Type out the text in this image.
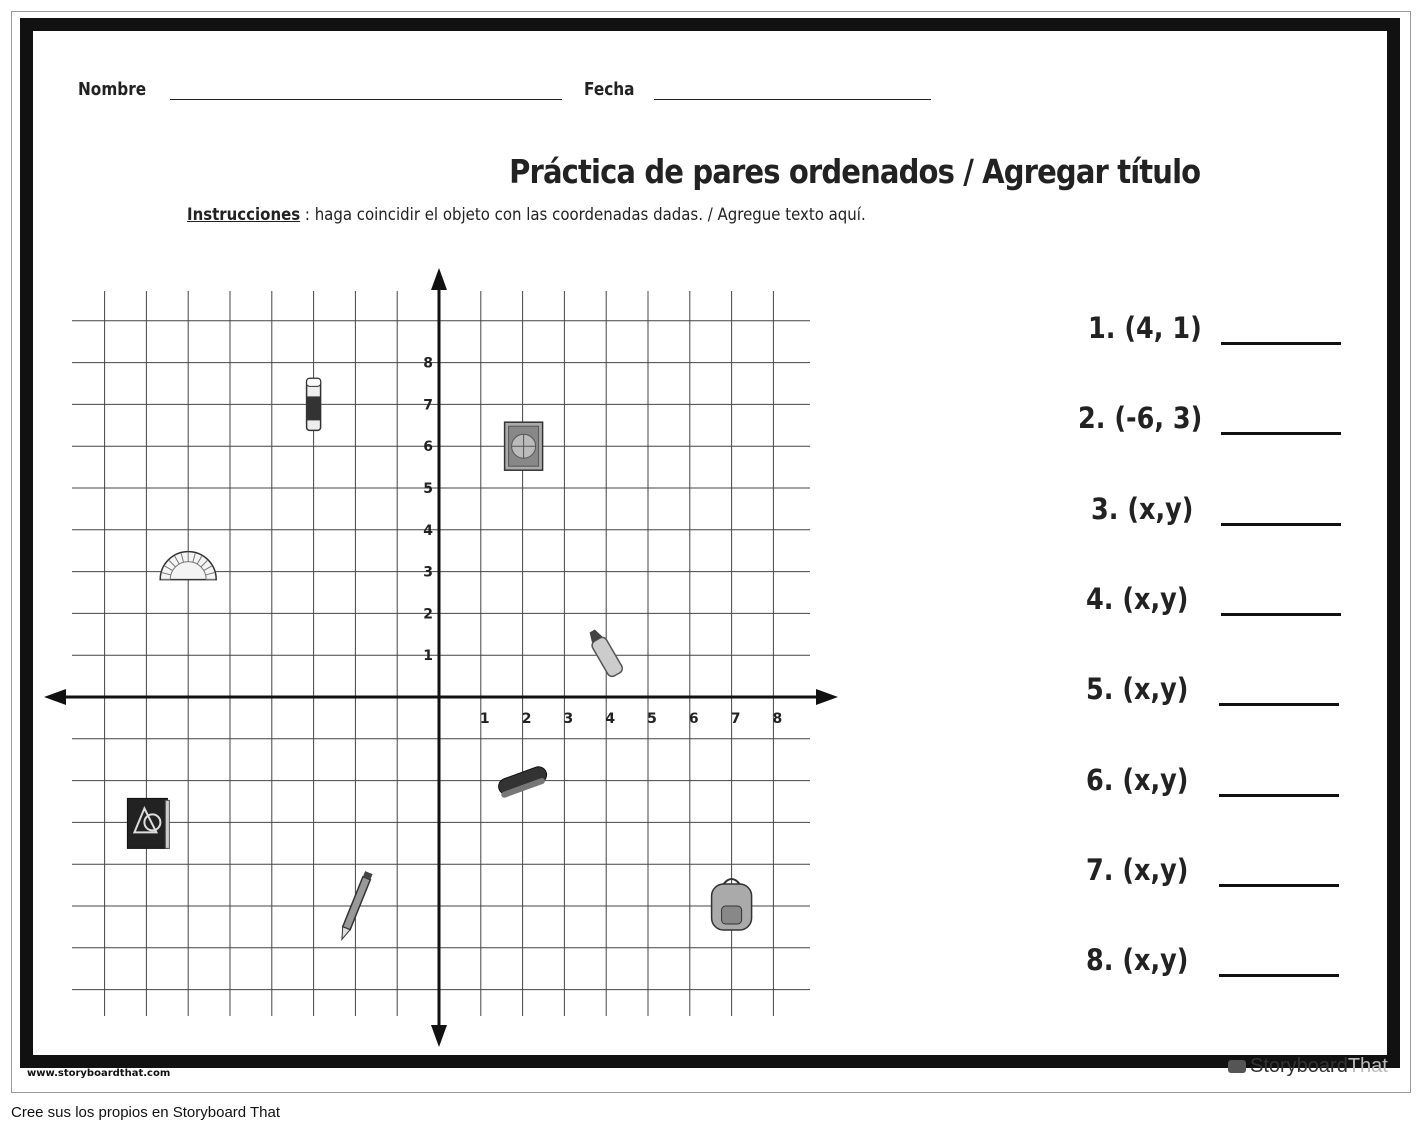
Nombre	Fecha
Práctica de pares ordenados / Agregar título
Instrucciones : haga coincidir el objeto con las coordenadas dadas. / Agregue texto aquí.
1 2 3 4 5 6 7 8
1
2
3
4
5
6
7
8
1. (4, 1)
2. (-6, 3)
3. (x,y)
4. (x,y)
5. (x,y)
6. (x,y)
7. (x,y)
8. (x,y)
www.storyboardthat.com	StoryboardThat
Cree sus los propios en Storyboard That
